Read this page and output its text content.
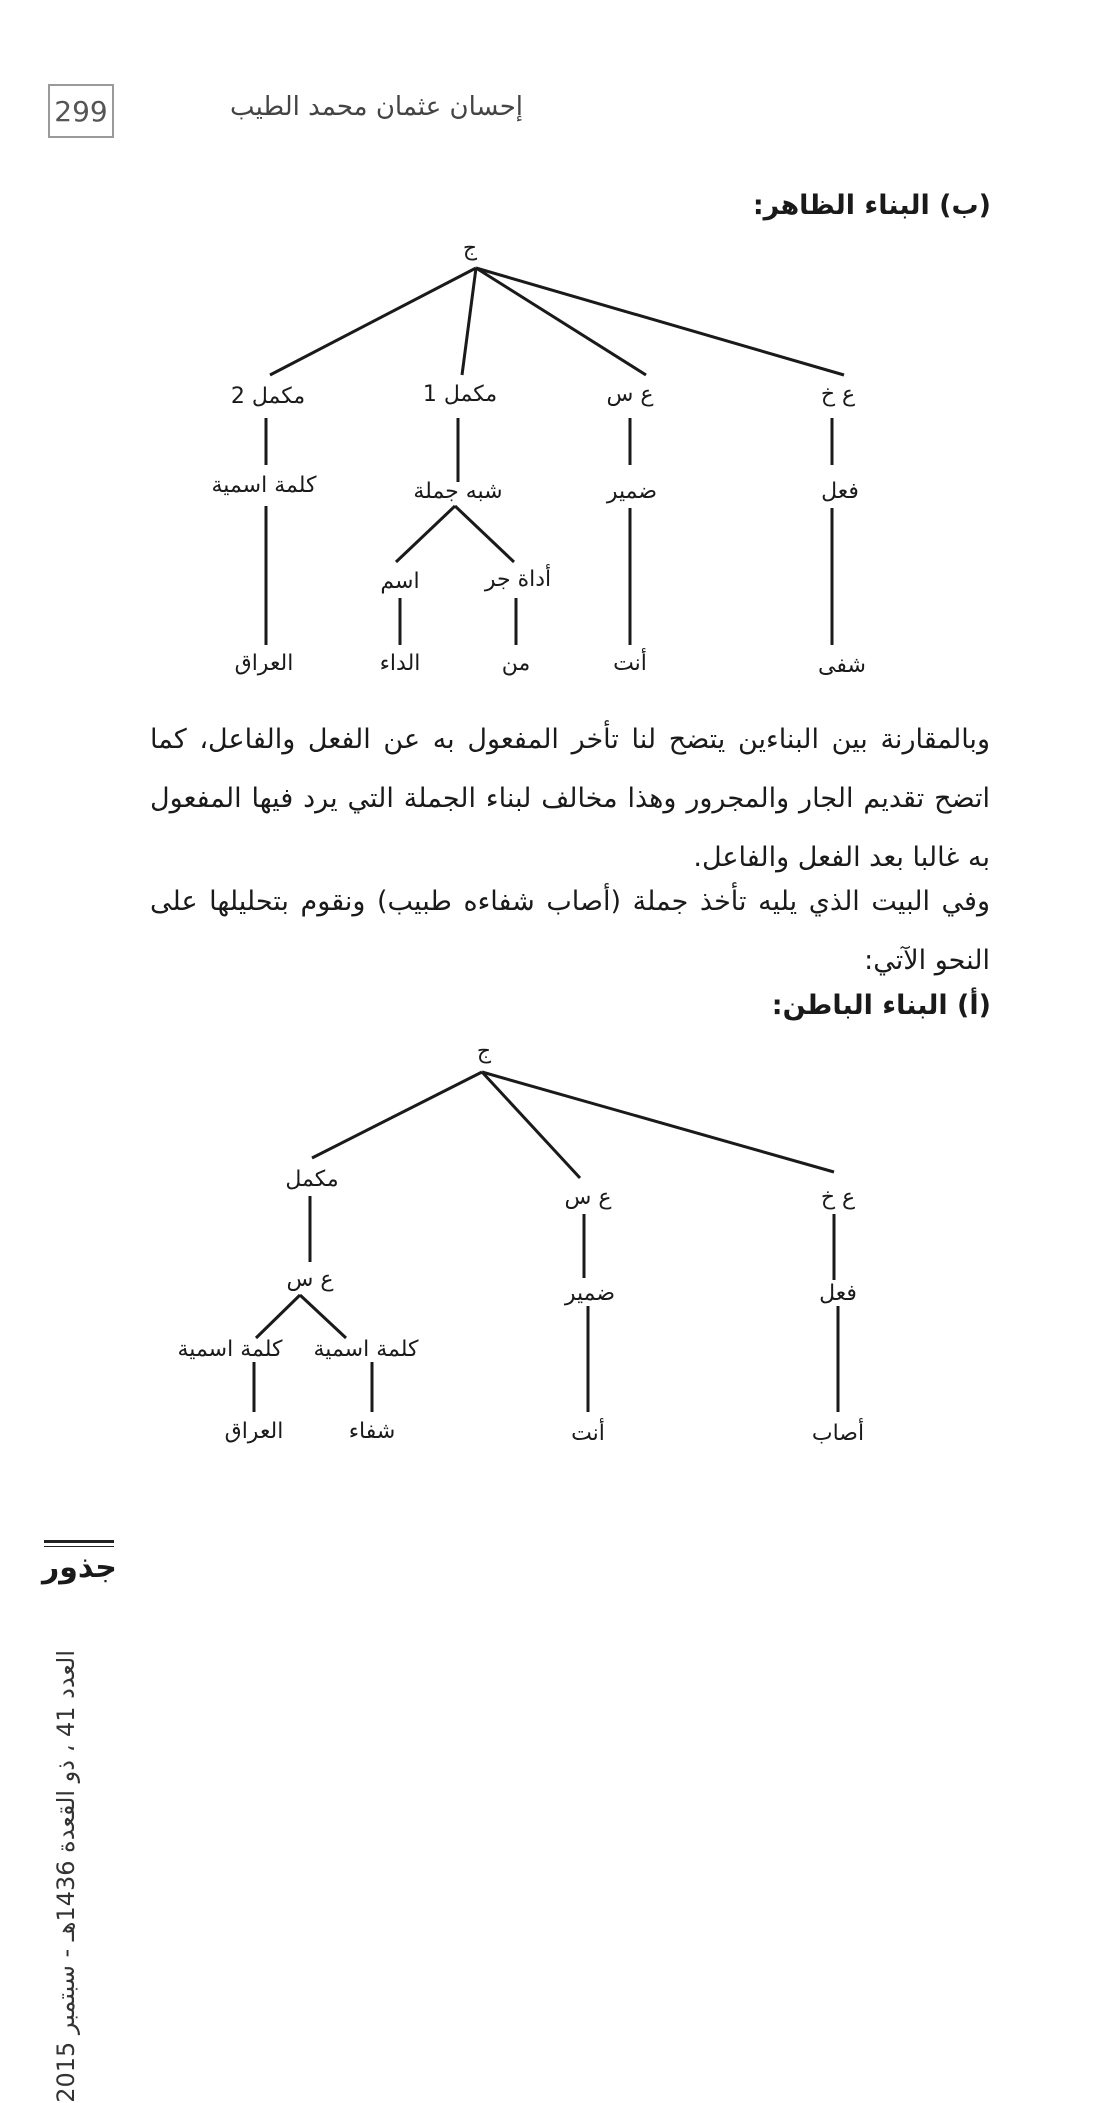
299	إحسان عثمان محمد الطيب
(ب) البناء الظاهر:
ج
مكمل 2	مكمل 1	ع س	ع خ
كلمة اسمية	شبه جملة	ضمير	فعل
اسم	أداة جر
العراق	الداء	من	أنت	شفى
وبالمقارنة بين البناءين يتضح لنا تأخر المفعول به عن الفعل والفاعل، كما اتضح تقديم الجار والمجرور وهذا مخالف لبناء الجملة التي يرد فيها المفعول به غالبا بعد الفعل والفاعل.
وفي البيت الذي يليه تأخذ جملة (أصاب شفاءه طبيب) ونقوم بتحليلها على النحو الآتي:
(أ) البناء الباطن:
ج
مكمل
ع س	ع خ
ع س
كلمة اسمية كلمة اسمية
ضمير	فعل
العراق	شفاء	أنت	أصاب
العدد 41 ، ذو القعدة 1436هـ - سبتمبر 2015
جذور
